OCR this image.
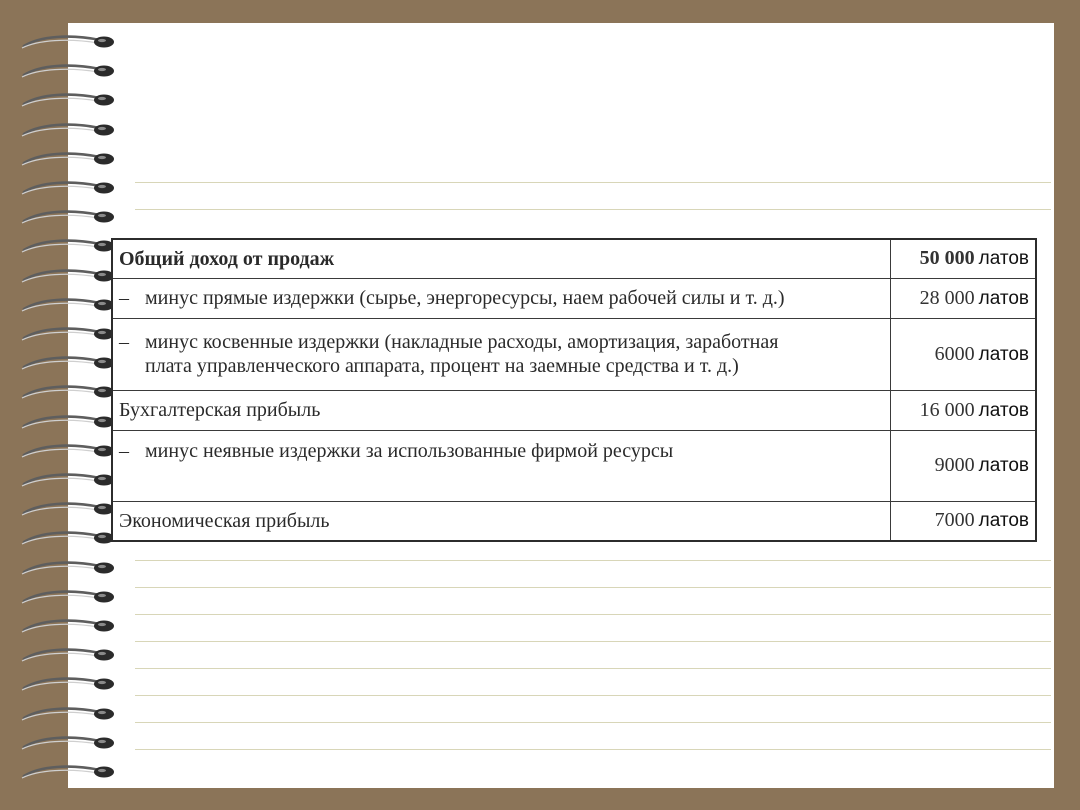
Общий доход от продаж	50 000 латов
– минус прямые издержки (сырье, энергоресурсы, наем рабочей силы и т. д.)	28 000 латов

– минус косвенные издержки (накладные расходы, амортизация, заработная
плата управленческого аппарата, процент на заемные средства и т. д.)	6000 латов
Бухгалтерская прибыль	16 000 латов
– минус неявные издержки за использованные фирмой ресурсы	9000 латов
Экономическая прибыль	7000 латов
